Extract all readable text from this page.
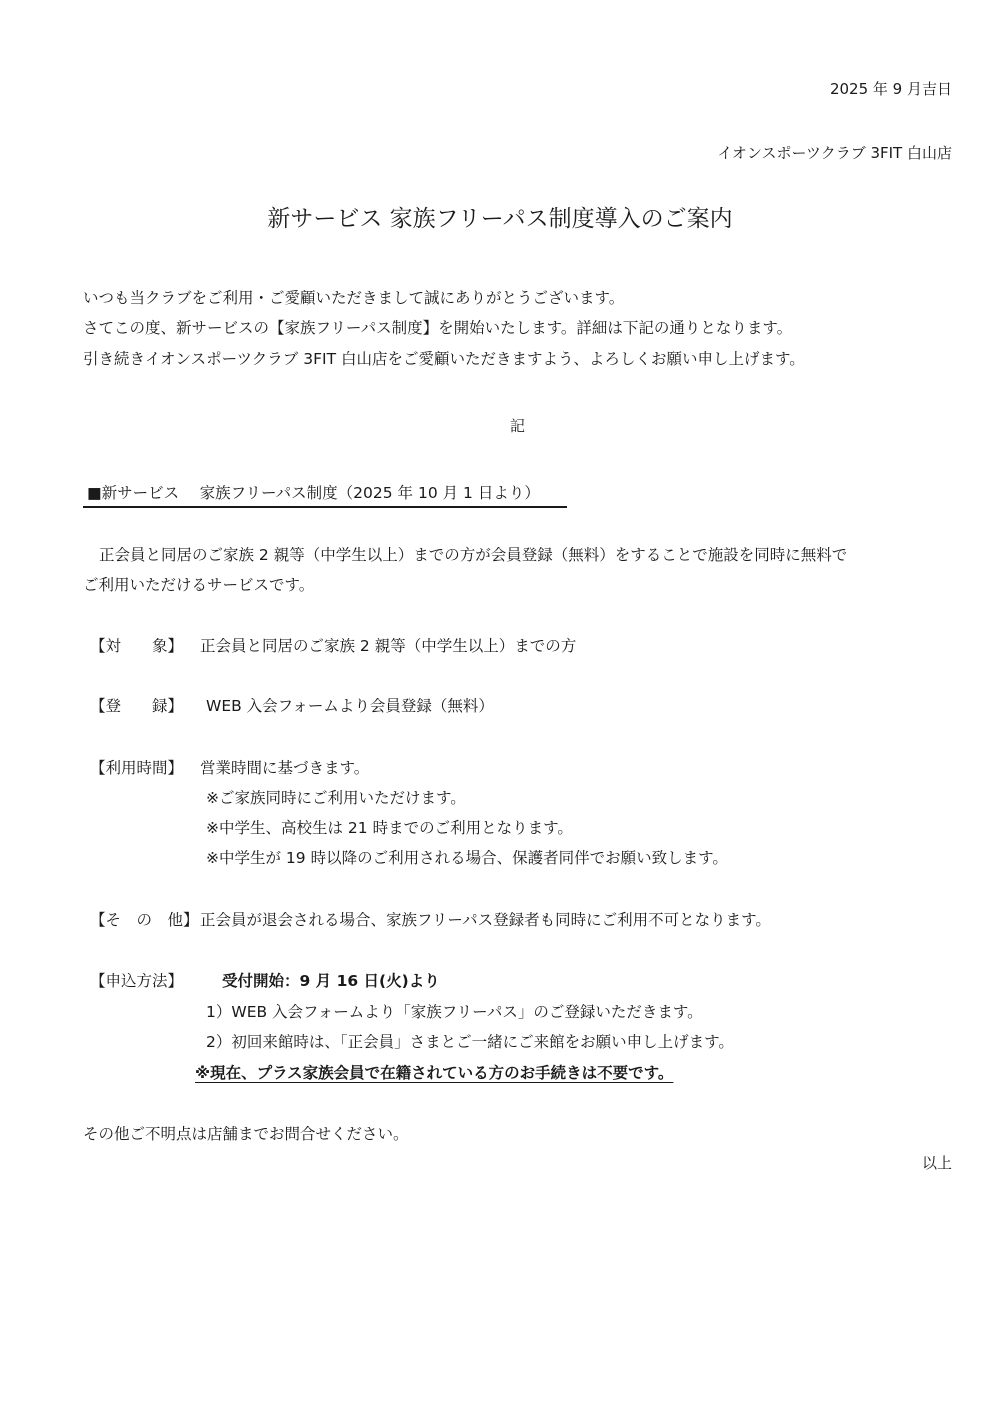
2025 年 9 月吉日
イオンスポーツクラブ 3FIT 白山店
新サービス 家族フリーパス制度導入のご案内
いつも当クラブをご利用・ご愛顧いただきまして誠にありがとうございます。
さてこの度、新サービスの【家族フリーパス制度】を開始いたします。詳細は下記の通りとなります。
引き続きイオンスポーツクラブ 3FIT 白山店をご愛顧いただきますよう、よろしくお願い申し上げます。
記
■新サービス　 家族フリーパス制度（2025 年 10 月 1 日より）
正会員と同居のご家族 2 親等（中学生以上）までの方が会員登録（無料）をすることで施設を同時に無料で
ご利用いただけるサービスです。
【対　　象】 正会員と同居のご家族 2 親等（中学生以上）までの方
【登　　録】 WEB 入会フォームより会員登録（無料）
【利用時間】 営業時間に基づきます。
※ご家族同時にご利用いただけます。
※中学生、高校生は 21 時までのご利用となります。
※中学生が 19 時以降のご利用される場合、保護者同伴でお願い致します。
【そ　の　他】 正会員が退会される場合、家族フリーパス登録者も同時にご利用不可となります。
【申込方法】	受付開始：9 月 16 日(火)より
1）WEB 入会フォームより「家族フリーパス」のご登録いただきます。
2）初回来館時は、「正会員」さまとご一緒にご来館をお願い申し上げます。
※現在、プラス家族会員で在籍されている方のお手続きは不要です。
その他ご不明点は店舗までお問合せください。
以上
